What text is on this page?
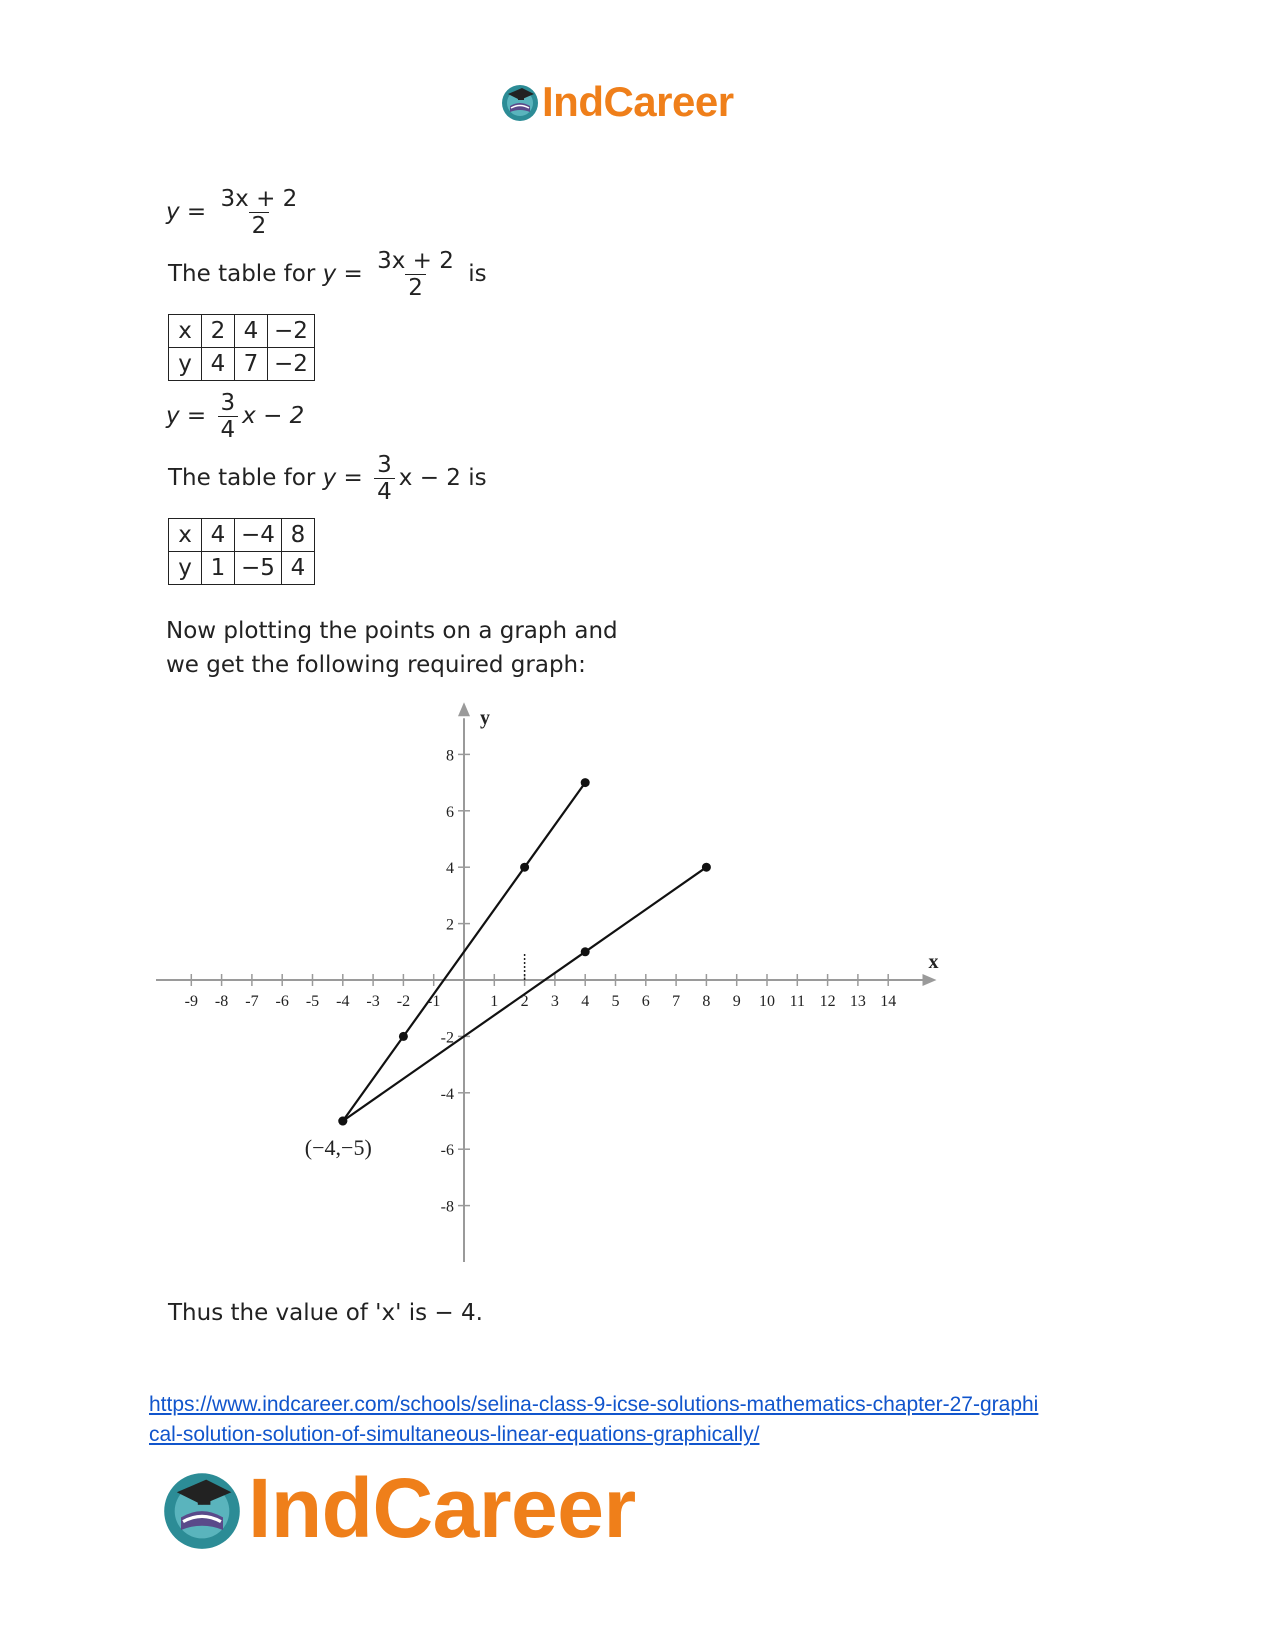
IndCareer
$y = \frac{3x + 2}{2}$
The table for $y = \frac{3x + 2}{2}$ is
x	2	4	−2
y	4	7	−2
$y = \frac{3}{4}$ x − 2
The table for $y = \frac{3}{4}$ x − 2 is
x	4	−4	8
y	1	−5	4
Now plotting the points on a graph and
we get the following required graph:
x
y
-9 -8 -7 -6 -5 -4 -3 -2 -1	1 2 3 4 5 6 7 8 9 10 11 12 13 14
8
6
4
2
-2
-4
-6
-8
(−4,−5)
Thus the value of 'x' is − 4.
https://www.indcareer.com/schools/selina-class-9-icse-solutions-mathematics-chapter-27-graphi
cal-solution-solution-of-simultaneous-linear-equations-graphically/
IndCareer
